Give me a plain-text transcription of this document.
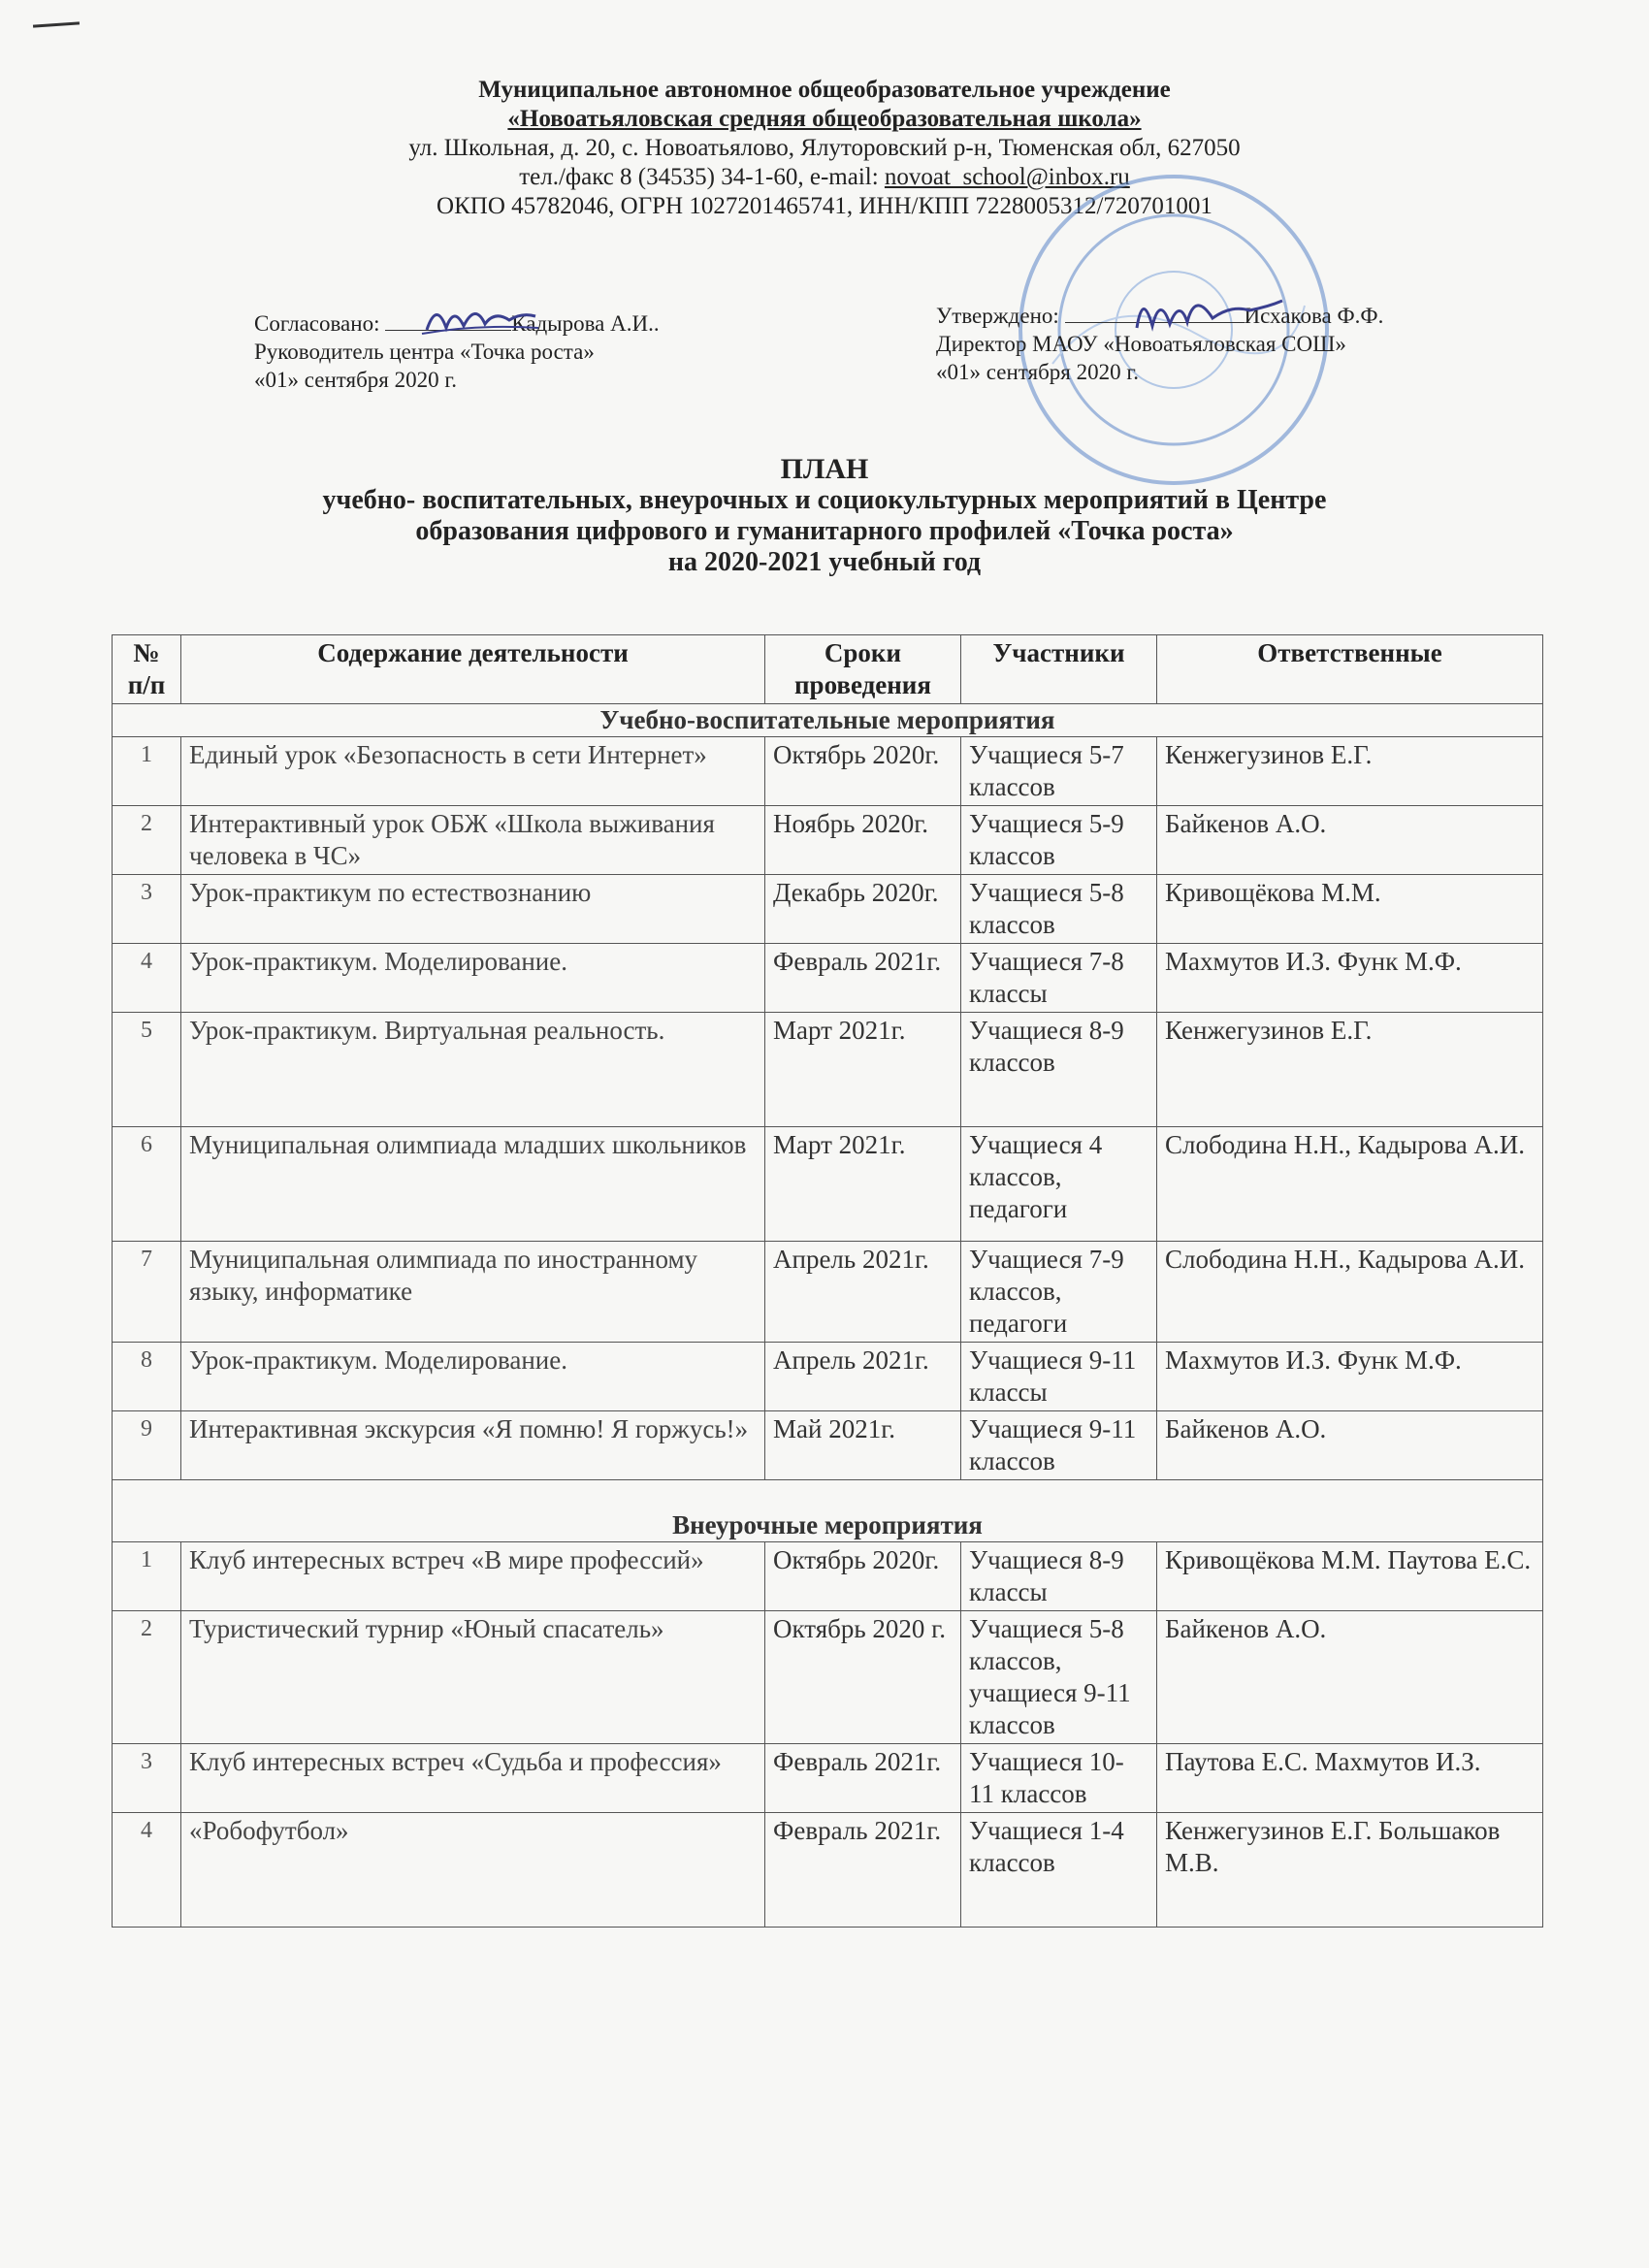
Муниципальное автономное общеобразовательное учреждение
«Новоатьяловская средняя общеобразовательная школа»
ул. Школьная, д. 20, с. Новоатьялово, Ялуторовский р-н, Тюменская обл, 627050
тел./факс 8 (34535) 34-1-60, e-mail: novoat_school@inbox.ru
ОКПО 45782046, ОГРН 1027201465741, ИНН/КПП 7228005312/720701001
Согласовано:	Кадырова А.И..
Руководитель центра «Точка роста»
«01» сентября 2020 г.
Утверждено:	Исхакова Ф.Ф.
Директор МАОУ «Новоатьяловская СОШ»
«01» сентября 2020 г.
ПЛАН
учебно- воспитательных, внеурочных и социокультурных мероприятий в Центре
образования цифрового и гуманитарного профилей «Точка роста»
на 2020-2021 учебный год
№ п/п	Содержание деятельности	Сроки проведения	Участники	Ответственные
Учебно-воспитательные мероприятия				
1	Единый урок «Безопасность в сети Интернет»	Октябрь 2020г.	Учащиеся 5-7 классов	Кенжегузинов Е.Г.
2	Интерактивный урок ОБЖ «Школа выживания человека в ЧС»	Ноябрь 2020г.	Учащиеся 5-9 классов	Байкенов А.О.
3	Урок-практикум по естествознанию	Декабрь 2020г.	Учащиеся 5-8 классов	Кривощёкова М.М.
4	Урок-практикум. Моделирование.	Февраль 2021г.	Учащиеся 7-8 классы	Махмутов И.З. Функ М.Ф.
5	Урок-практикум. Виртуальная реальность.	Март 2021г.	Учащиеся 8-9 классов	Кенжегузинов Е.Г.
6	Муниципальная олимпиада младших школьников	Март 2021г.	Учащиеся 4 классов, педагоги	Слободина Н.Н., Кадырова А.И.
7	Муниципальная олимпиада по иностранному языку, информатике	Апрель 2021г.	Учащиеся 7-9 классов, педагоги	Слободина Н.Н., Кадырова А.И.
8	Урок-практикум. Моделирование.	Апрель 2021г.	Учащиеся 9-11 классы	Махмутов И.З. Функ М.Ф.
9	Интерактивная экскурсия «Я помню! Я горжусь!»	Май 2021г.	Учащиеся 9-11 классов	Байкенов А.О.
Внеурочные мероприятия				
1	Клуб интересных встреч «В мире профессий»	Октябрь 2020г.	Учащиеся 8-9 классы	Кривощёкова М.М. Паутова Е.С.
2	Туристический турнир «Юный спасатель»	Октябрь 2020 г.	Учащиеся 5-8 классов, учащиеся 9-11 классов	Байкенов А.О.
3	Клуб интересных встреч «Судьба и профессия»	Февраль 2021г.	Учащиеся 10-11 классов	Паутова Е.С. Махмутов И.З.
4	«Робофутбол»	Февраль 2021г.	Учащиеся 1-4 классов	Кенжегузинов Е.Г. Большаков М.В.
